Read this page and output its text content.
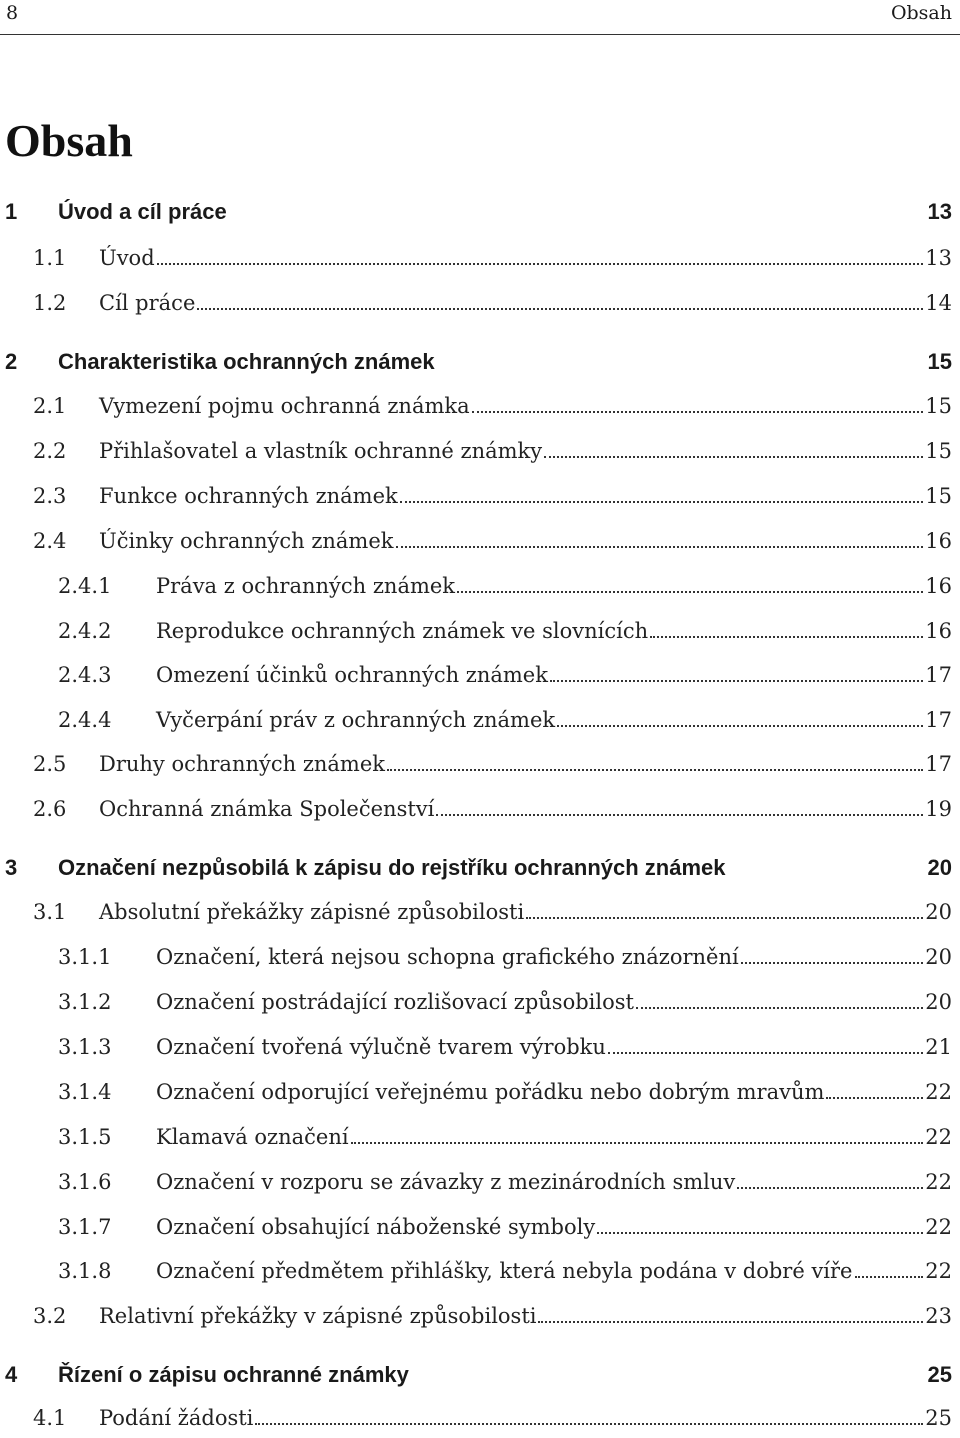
8	Obsah
Obsah
1 Úvod a cíl práce	13
1.1 Úvod	13
1.2 Cíl práce	14
2 Charakteristika ochranných známek	15
2.1 Vymezení pojmu ochranná známka	15
2.2 Přihlašovatel a vlastník ochranné známky	15
2.3 Funkce ochranných známek	15
2.4 Účinky ochranných známek	16
2.4.1 Práva z ochranných známek	16
2.4.2 Reprodukce ochranných známek ve slovnících	16
2.4.3 Omezení účinků ochranných známek	17
2.4.4 Vyčerpání práv z ochranných známek	17
2.5 Druhy ochranných známek	17
2.6 Ochranná známka Společenství	19
3 Označení nezpůsobilá k zápisu do rejstříku ochranných známek	20
3.1 Absolutní překážky zápisné způsobilosti	20
3.1.1 Označení, která nejsou schopna grafického znázornění	20
3.1.2 Označení postrádající rozlišovací způsobilost	20
3.1.3 Označení tvořená výlučně tvarem výrobku	21
3.1.4 Označení odporující veřejnému pořádku nebo dobrým mravům	22
3.1.5 Klamavá označení	22
3.1.6 Označení v rozporu se závazky z mezinárodních smluv	22
3.1.7 Označení obsahující náboženské symboly	22
3.1.8 Označení předmětem přihlášky, která nebyla podána v dobré víře	22
3.2 Relativní překážky v zápisné způsobilosti	23
4 Řízení o zápisu ochranné známky	25
4.1 Podání žádosti	25
